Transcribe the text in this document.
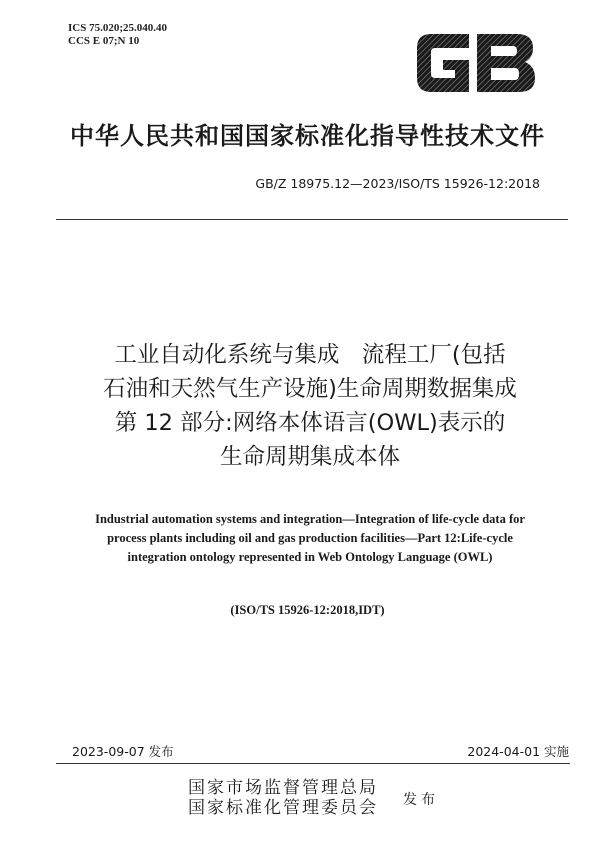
ICS 75.020;25.040.40
CCS E 07;N 10
中华人民共和国国家标准化指导性技术文件
GB/Z 18975.12—2023/ISO/TS 15926-12:2018
工业自动化系统与集成　流程工厂(包括
石油和天然气生产设施)生命周期数据集成
第 12 部分:网络本体语言(OWL)表示的
生命周期集成本体
Industrial automation systems and integration—Integration of life-cycle data for
process plants including oil and gas production facilities—Part 12:Life-cycle
integration ontology represented in Web Ontology Language (OWL)
(ISO/TS 15926-12:2018,IDT)
2023-09-07 发布	2024-04-01 实施
国家市场监督管理总局
国家标准化管理委员会 发布
